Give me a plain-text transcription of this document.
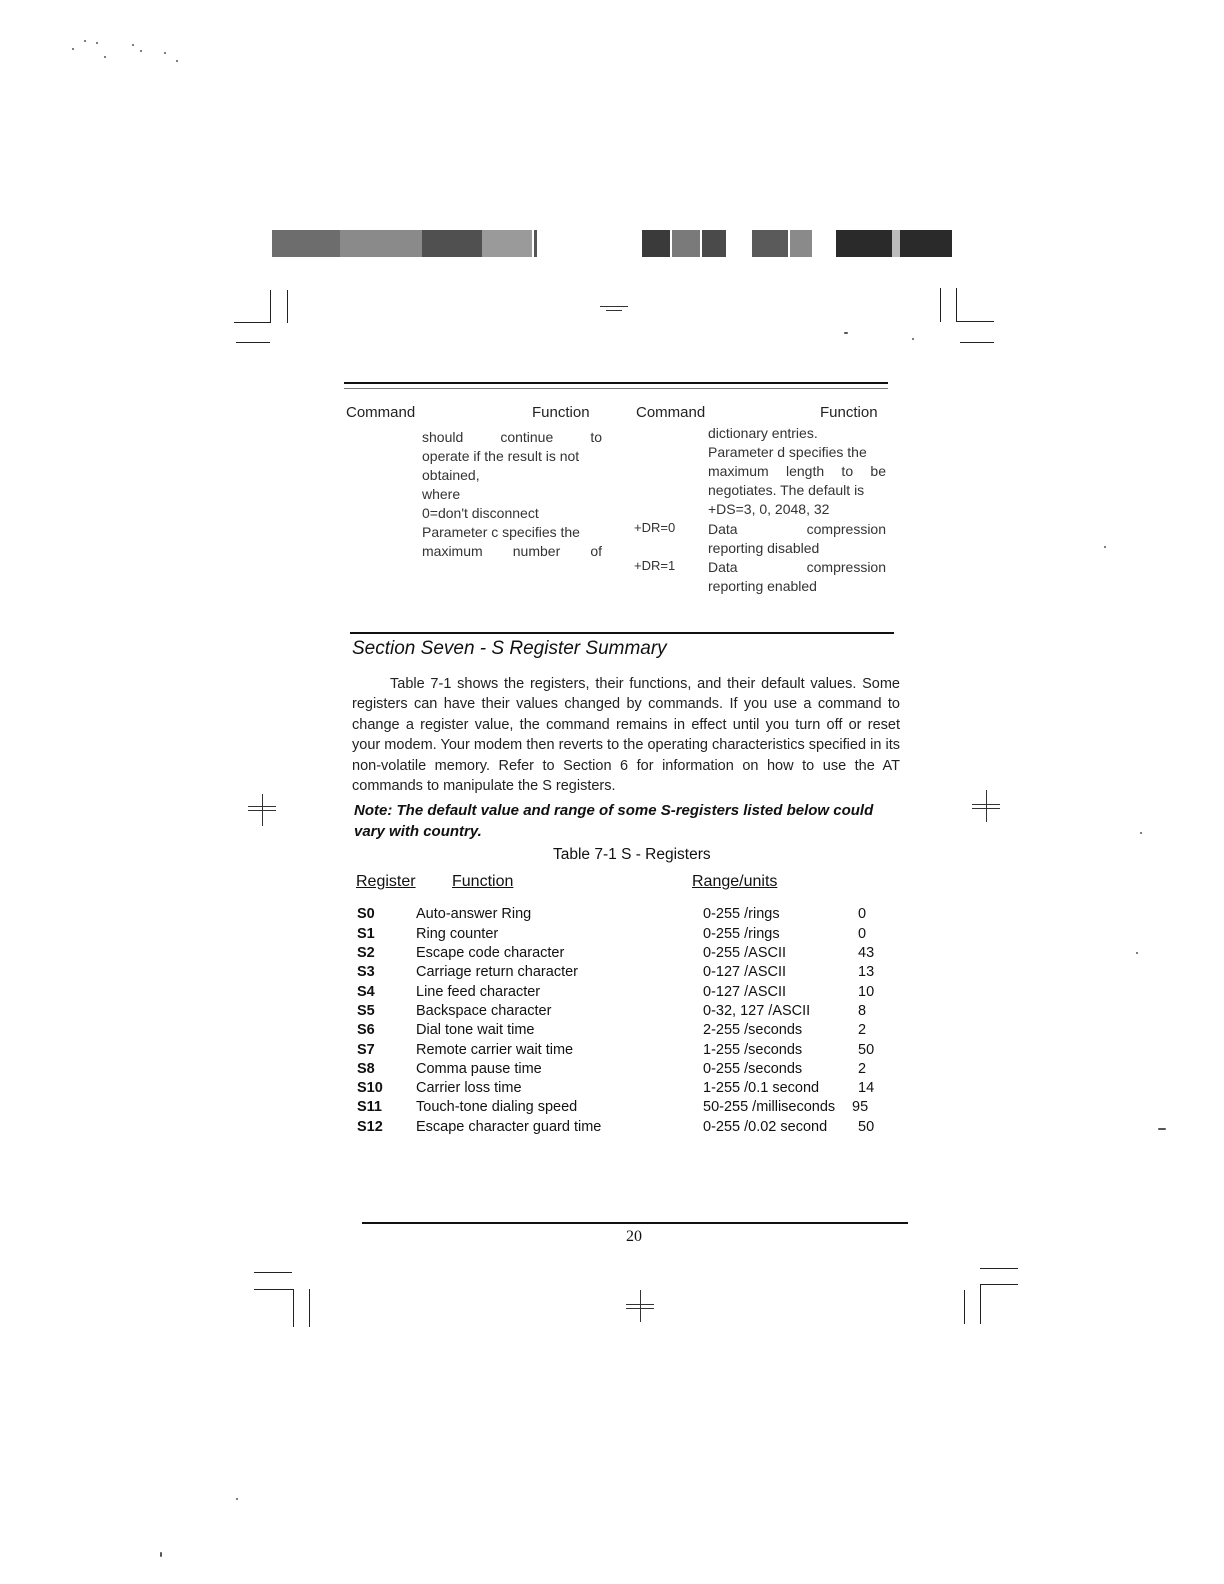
Command	Function	Command	Function
should continue to
operate if the result is not
obtained,
where
0=don't disconnect
Parameter c specifies the
maximum number of
dictionary entries.
Parameter d specifies the
maximum length to be
negotiates. The default is
+DS=3, 0, 2048, 32
+DR=0 Data compression
reporting disabled
+DR=1 Data compression
reporting enabled
Section Seven - S Register Summary

Table 7-1 shows the registers, their functions, and their default values. Some registers can have their values changed by commands. If you use a command to change a register value, the command remains in effect until you turn off or reset your modem. Your modem then reverts to the operating characteristics specified in its non-volatile memory. Refer to Section 6 for information on how to use the AT commands to manipulate the S registers.

Note: The default value and range of some S-registers listed below could vary with country.
Table 7-1 S - Registers
Register Function	Range/units
S0	Auto-answer Ring	0-255 /rings	0
S1	Ring counter	0-255 /rings	0
S2	Escape code character	0-255 /ASCII	43
S3	Carriage return character	0-127 /ASCII	13
S4	Line feed character	0-127 /ASCII	10
S5	Backspace character	0-32, 127 /ASCII	8
S6	Dial tone wait time	2-255 /seconds	2
S7	Remote carrier wait time	1-255 /seconds	50
S8	Comma pause time	0-255 /seconds	2
S10 Carrier loss time	1-255 /0.1 second	14
S11 Touch-tone dialing speed	50-255 /milliseconds 95
S12 Escape character guard time	0-255 /0.02 second 50
20
